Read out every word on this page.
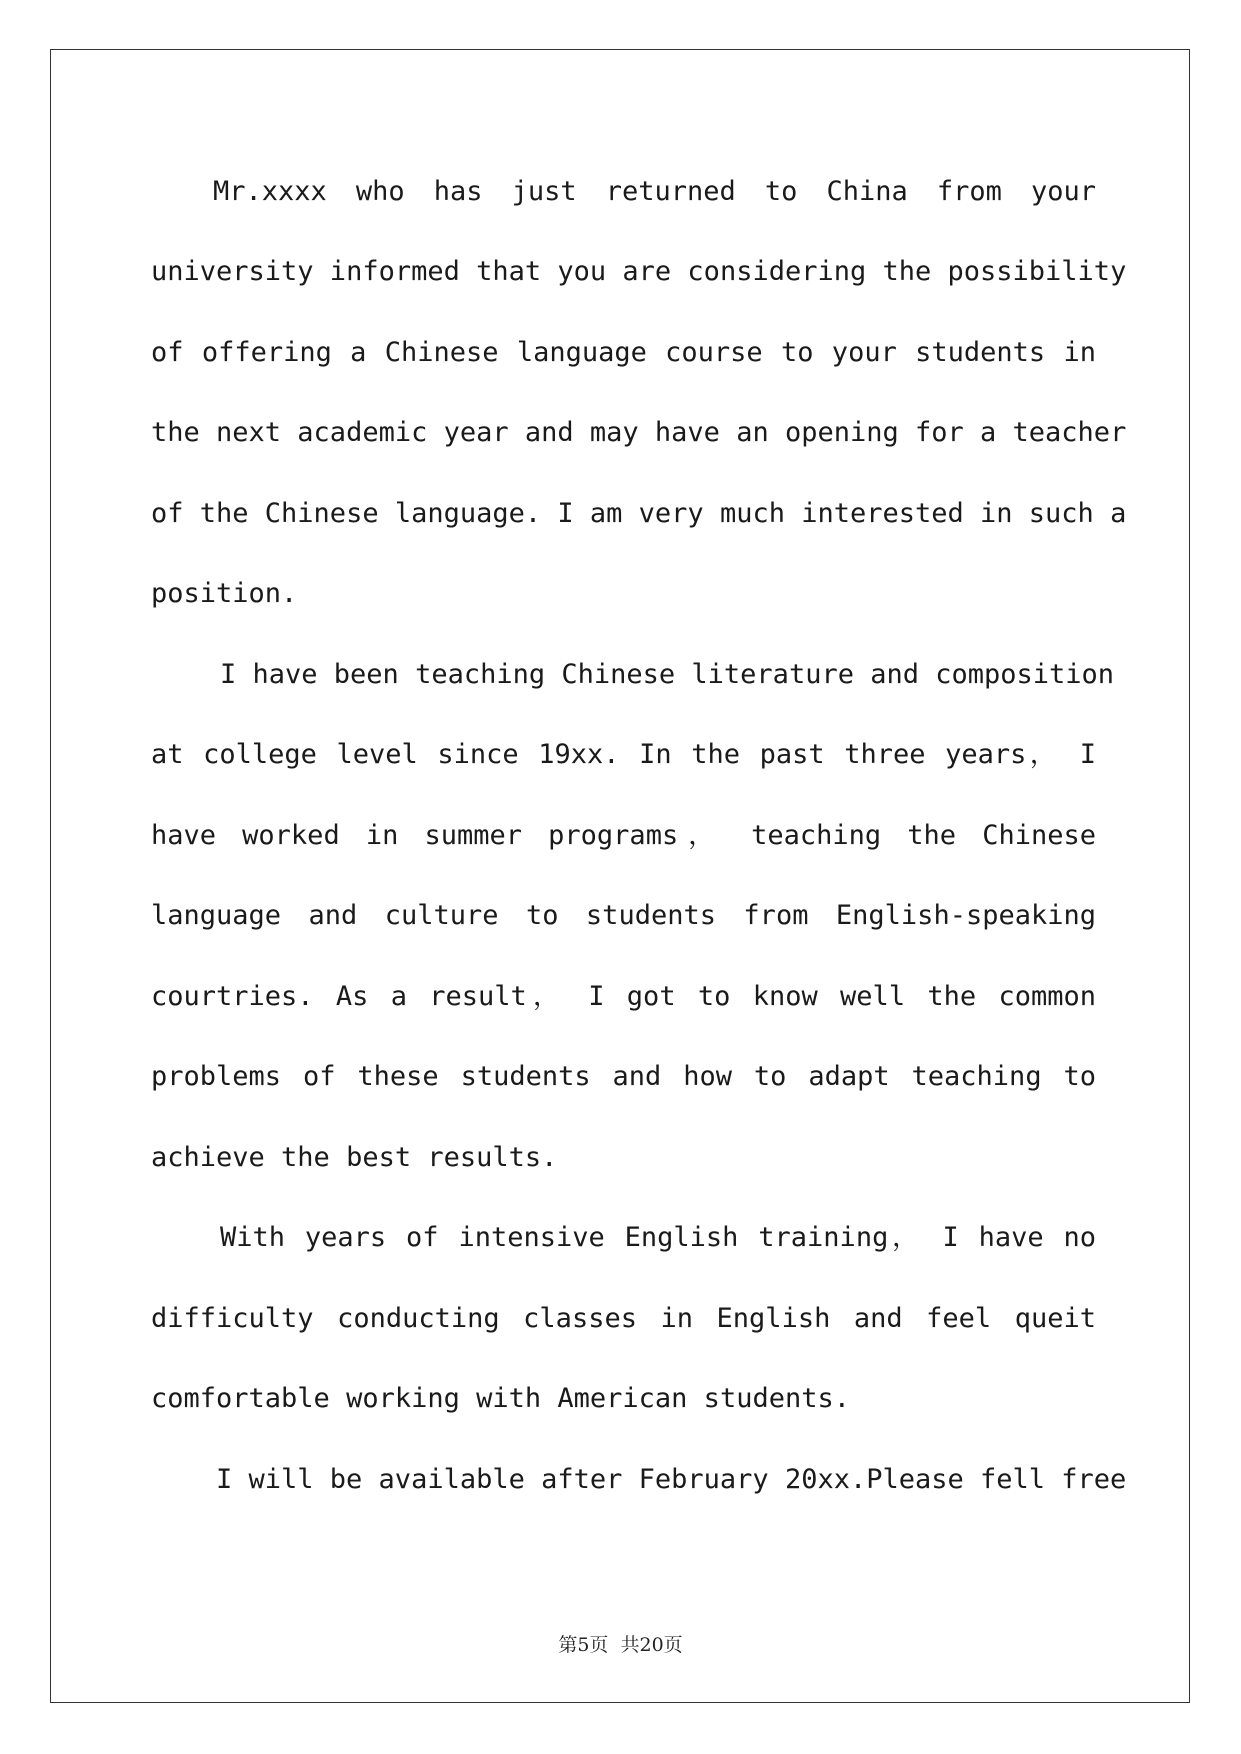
Mr.xxxx who has just returned to China from your
university informed that you are considering the possibility
of offering a Chinese language course to your students in
the next academic year and may have an opening for a teacher
of the Chinese language. I am very much interested in such a
position.
I have been teaching Chinese literature and composition
at college level since 19xx. In the past three years， I
have worked in summer programs， teaching the Chinese
language and culture to students from English-speaking
courtries. As a result， I got to know well the common
problems of these students and how to adapt teaching to
achieve the best results.
With years of intensive English training， I have no
difficulty conducting classes in English and feel queit
comfortable working with American students.
I will be available after February 20xx.Please fell free
第5页  共20页
